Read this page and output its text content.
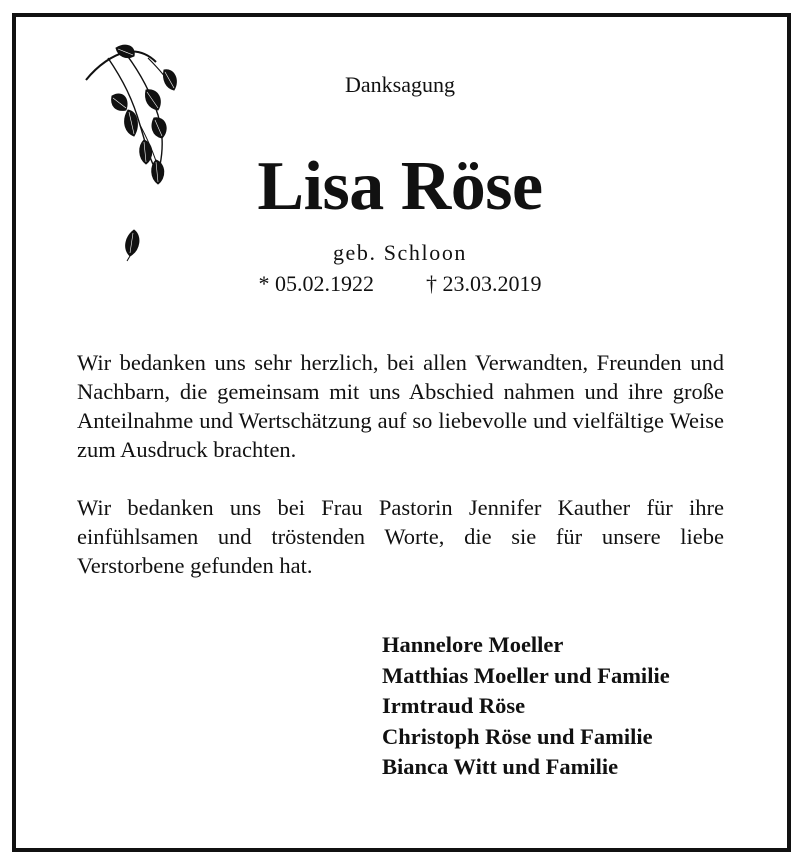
Danksagung
Lisa Röse
geb. Schloon
* 05.02.1922 † 23.03.2019

Wir bedanken uns sehr herzlich, bei allen Verwandten, Freunden und Nachbarn, die gemeinsam mit uns Abschied nahmen und ihre große Anteilnahme und Wertschätzung auf so liebevolle und vielfältige Weise zum Ausdruck brachten.

Wir bedanken uns bei Frau Pastorin Jennifer Kauther für ihre einfühlsamen und tröstenden Worte, die sie für unsere liebe Verstorbene gefunden hat.

Hannelore Moeller
Matthias Moeller und Familie
Irmtraud Röse
Christoph Röse und Familie
Bianca Witt und Familie
